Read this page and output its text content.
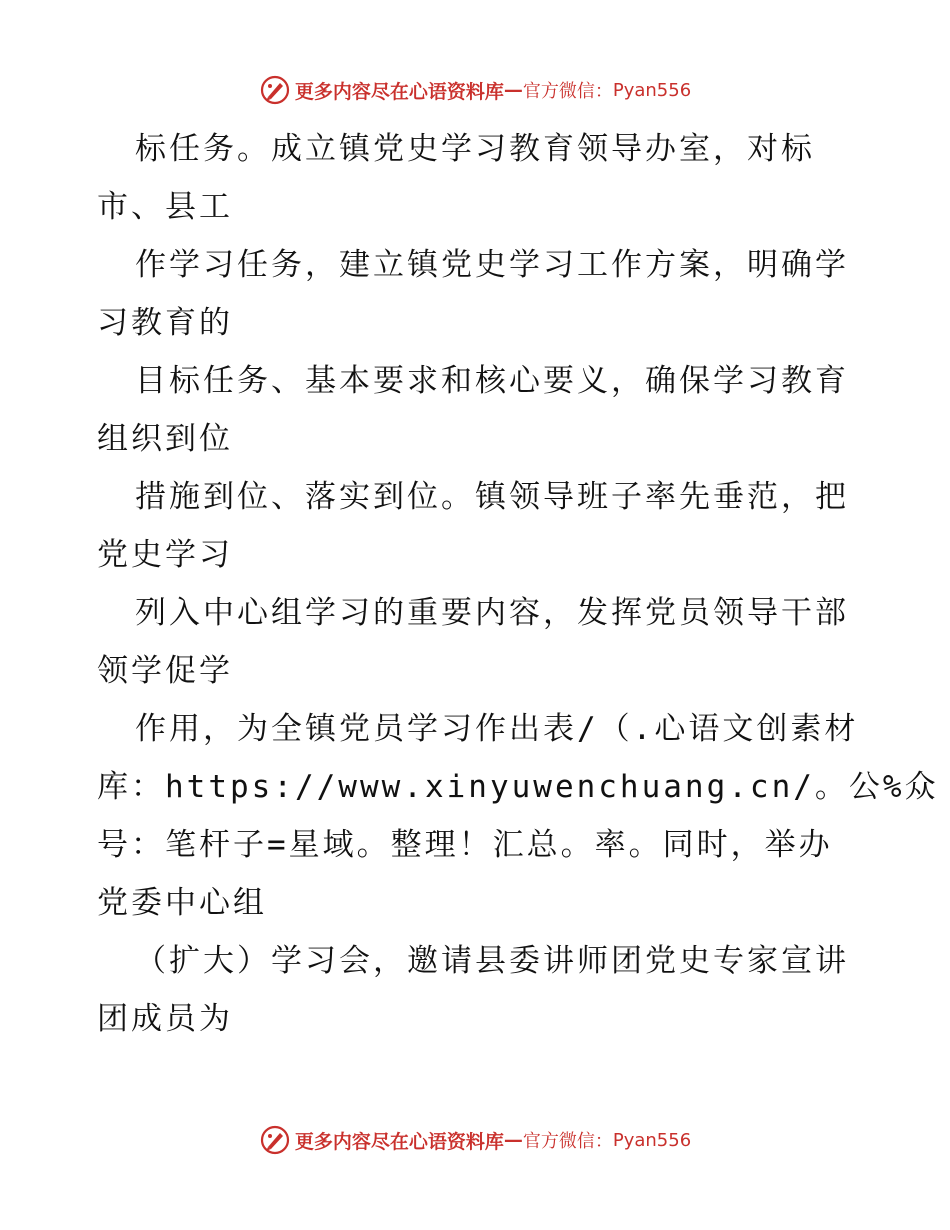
更多内容尽在心语资料库 — 官方微信： Pyan556
标任务。成立镇党史学习教育领导办室，对标
市、县工
作学习任务，建立镇党史学习工作方案，明确学
习教育的
目标任务、基本要求和核心要义，确保学习教育
组织到位
措施到位、落实到位。镇领导班子率先垂范，把
党史学习
列入中心组学习的重要内容，发挥党员领导干部
领学促学
作用，为全镇党员学习作出表/（.心语文创素材
库：https://www.xinyuwenchuang.cn/。公%众
号：笔杆子=星域。整理！汇总。率。同时，举办
党委中心组
（扩大）学习会，邀请县委讲师团党史专家宣讲
团成员为
更多内容尽在心语资料库 — 官方微信： Pyan556
